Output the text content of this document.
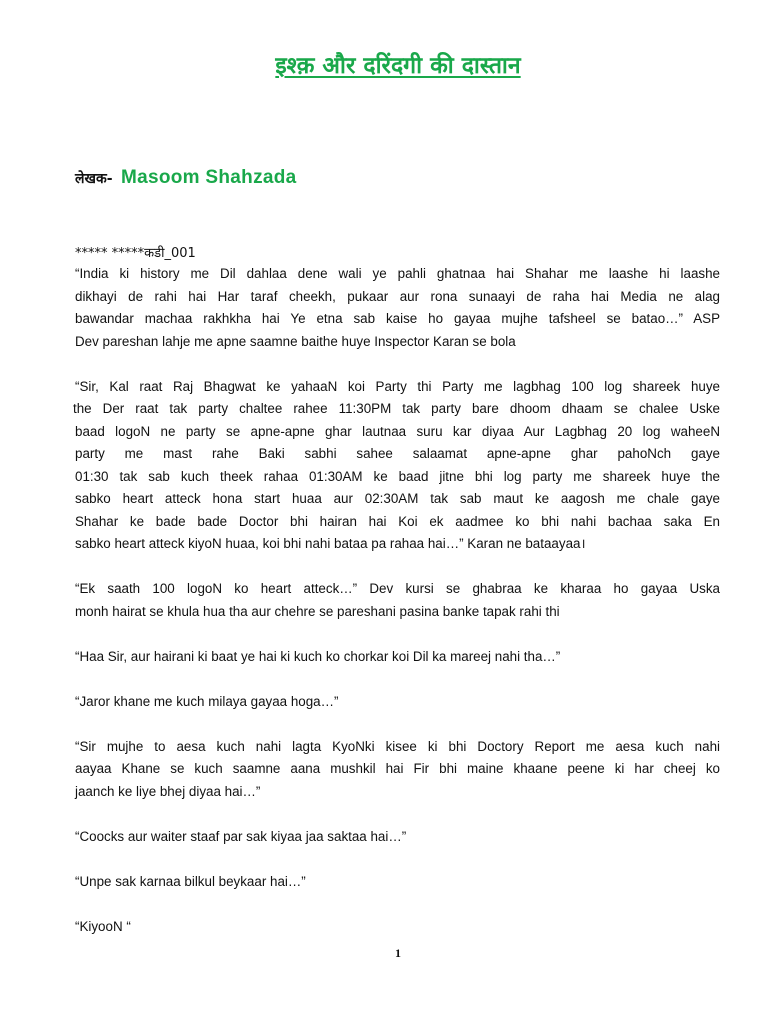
इश्क़ और दरिंदगी की दास्तान
लेखक- Masoom Shahzada
***** *****कडी_001
“India ki history me Dil dahlaa dene wali ye pahli ghatnaa hai Shahar me laashe hi laashe
dikhayi de rahi hai Har taraf cheekh, pukaar aur rona sunaayi de raha hai Media ne alag
bawandar machaa rakhkha hai Ye etna sab kaise ho gayaa mujhe tafsheel se batao…” ASP
Dev pareshan lahje me apne saamne baithe huye Inspector Karan se bola
“Sir, Kal raat Raj Bhagwat ke yahaaN koi Party thi Party me lagbhag 100 log shareek huye
the Der raat tak party chaltee rahee 11:30PM tak party bare dhoom dhaam se chalee Uske
baad logoN ne party se apne-apne ghar lautnaa suru kar diyaa Aur Lagbhag 20 log waheeN
party me mast rahe Baki sabhi sahee salaamat apne-apne ghar pahoNch gaye
01:30 tak sab kuch theek rahaa 01:30AM ke baad jitne bhi log party me shareek huye the
sabko heart atteck hona start huaa aur 02:30AM tak sab maut ke aagosh me chale gaye
Shahar ke bade bade Doctor bhi hairan hai Koi ek aadmee ko bhi nahi bachaa saka En
sabko heart atteck kiyoN huaa, koi bhi nahi bataa pa rahaa hai…” Karan ne bataayaa।
“Ek saath 100 logoN ko heart atteck…” Dev kursi se ghabraa ke kharaa ho gayaa Uska
monh hairat se khula hua tha aur chehre se pareshani pasina banke tapak rahi thi
“Haa Sir, aur hairani ki baat ye hai ki kuch ko chorkar koi Dil ka mareej nahi tha…”
“Jaror khane me kuch milaya gayaa hoga…”
“Sir mujhe to aesa kuch nahi lagta KyoNki kisee ki bhi Doctory Report me aesa kuch nahi
aayaa Khane se kuch saamne aana mushkil hai Fir bhi maine khaane peene ki har cheej ko
jaanch ke liye bhej diyaa hai…”
“Coocks aur waiter staaf par sak kiyaa jaa saktaa hai…”
“Unpe sak karnaa bilkul beykaar hai…”
“KiyooN “
1
